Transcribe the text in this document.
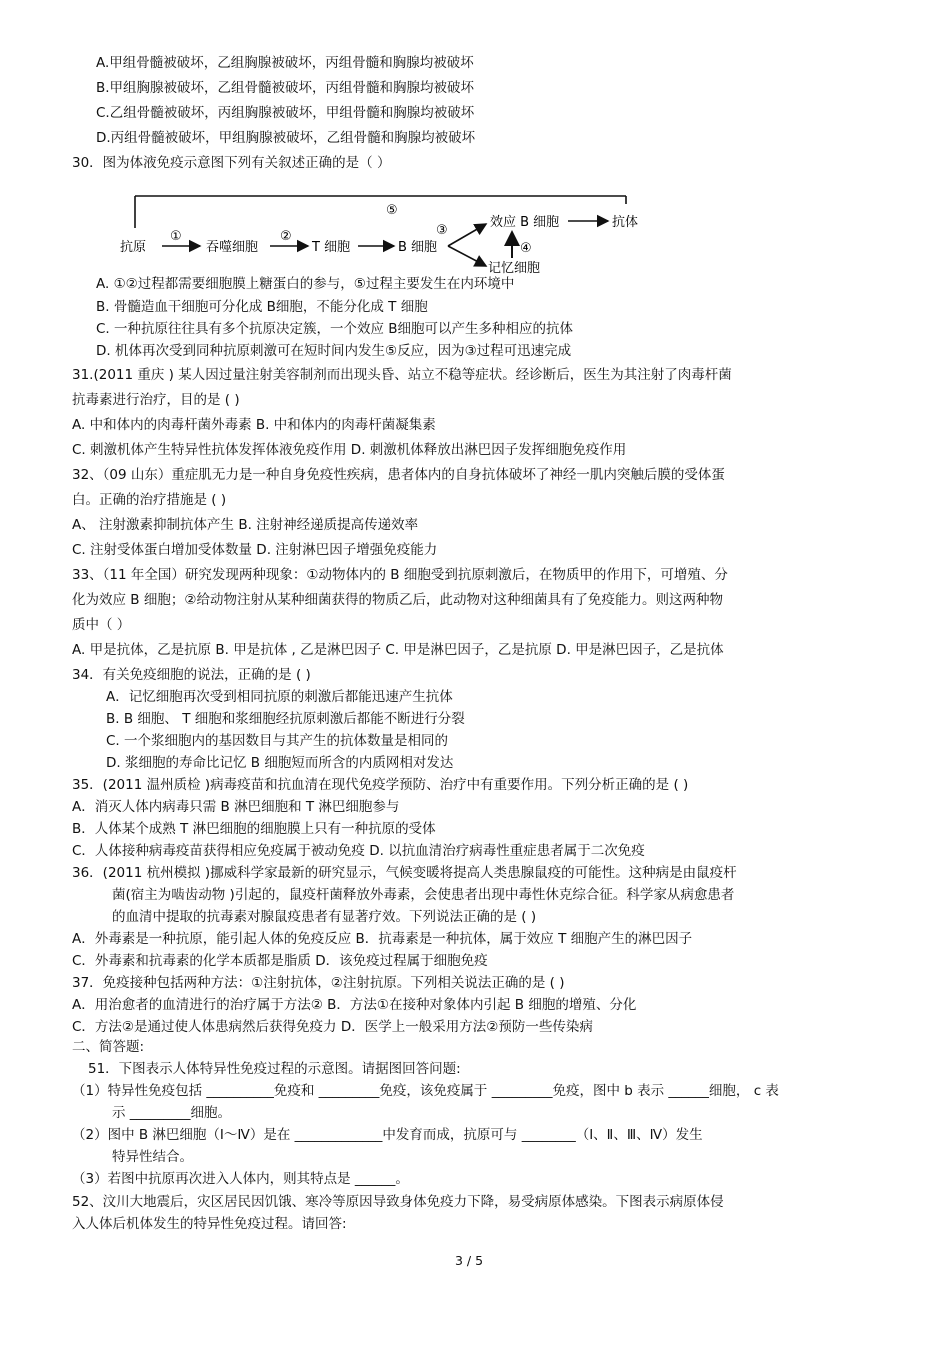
A.甲组骨髓被破坏，乙组胸腺被破坏，丙组骨髓和胸腺均被破坏
B.甲组胸腺被破坏，乙组骨髓被破坏，丙组骨髓和胸腺均被破坏
C.乙组骨髓被破坏，丙组胸腺被破坏，甲组骨髓和胸腺均被破坏
D.丙组骨髓被破坏，甲组胸腺被破坏，乙组骨髓和胸腺均被破坏
30．图为体液免疫示意图下列有关叙述正确的是（ ）
⑤
抗原
①
吞噬细胞
②
T 细胞	B 细胞
③
效应 B 细胞	抗体
④
记忆细胞
A. ①②过程都需要细胞膜上糖蛋白的参与，⑤过程主要发生在内环境中
B. 骨髓造血干细胞可分化成 B细胞，不能分化成 T 细胞
C. 一种抗原往往具有多个抗原决定簇，一个效应 B细胞可以产生多种相应的抗体
D. 机体再次受到同种抗原刺激可在短时间内发生⑤反应，因为③过程可迅速完成
31.(2011 重庆 ) 某人因过量注射美容制剂而出现头昏、站立不稳等症状。经诊断后，医生为其注射了肉毒杆菌
抗毒素进行治疗，目的是 ( )
A. 中和体内的肉毒杆菌外毒素 B. 中和体内的肉毒杆菌凝集素
C. 刺激机体产生特异性抗体发挥体液免疫作用 D. 刺激机体释放出淋巴因子发挥细胞免疫作用
32、（09 山东）重症肌无力是一种自身免疫性疾病，患者体内的自身抗体破坏了神经一肌内突触后膜的受体蛋
白。正确的治疗措施是 ( )
A、 注射激素抑制抗体产生 B. 注射神经递质提高传递效率
C. 注射受体蛋白增加受体数量 D. 注射淋巴因子增强免疫能力
33、（11 年全国）研究发现两种现象：①动物体内的 B 细胞受到抗原刺激后，在物质甲的作用下，可增殖、分
化为效应 B 细胞；②给动物注射从某种细菌获得的物质乙后，此动物对这种细菌具有了免疫能力。则这两种物
质中（ ）
A. 甲是抗体，乙是抗原 B. 甲是抗体 , 乙是淋巴因子 C. 甲是淋巴因子，乙是抗原 D. 甲是淋巴因子，乙是抗体
34．有关免疫细胞的说法，正确的是 ( )
A．记忆细胞再次受到相同抗原的刺激后都能迅速产生抗体
B. B 细胞、 T 细胞和浆细胞经抗原刺激后都能不断进行分裂
C. 一个浆细胞内的基因数目与其产生的抗体数量是相同的
D. 浆细胞的寿命比记忆 B 细胞短而所含的内质网相对发达
35．(2011 温州质检 )病毒疫苗和抗血清在现代免疫学预防、治疗中有重要作用。下列分析正确的是 ( )
A．消灭人体内病毒只需 B 淋巴细胞和 T 淋巴细胞参与
B．人体某个成熟 T 淋巴细胞的细胞膜上只有一种抗原的受体
C．人体接种病毒疫苗获得相应免疫属于被动免疫 D. 以抗血清治疗病毒性重症患者属于二次免疫
36．(2011 杭州模拟 )挪威科学家最新的研究显示，气候变暖将提高人类患腺鼠疫的可能性。这种病是由鼠疫杆
菌(宿主为啮齿动物 )引起的，鼠疫杆菌释放外毒素，会使患者出现中毒性休克综合征。科学家从病愈患者
的血清中提取的抗毒素对腺鼠疫患者有显著疗效。下列说法正确的是 ( )
A．外毒素是一种抗原，能引起人体的免疫反应 B．抗毒素是一种抗体，属于效应 T 细胞产生的淋巴因子
C．外毒素和抗毒素的化学本质都是脂质 D．该免疫过程属于细胞免疫
37．免疫接种包括两种方法：①注射抗体，②注射抗原。下列相关说法正确的是 ( )
A．用治愈者的血清进行的治疗属于方法② B．方法①在接种对象体内引起 B 细胞的增殖、分化
C．方法②是通过使人体患病然后获得免疫力 D．医学上一般采用方法②预防一些传染病
二、简答题:
51．下图表示人体特异性免疫过程的示意图。请据图回答问题:
（1）特异性免疫包括 __________免疫和 _________免疫，该免疫属于 _________免疫，图中 b 表示 ______细胞， c 表
示 _________细胞。
（2）图中 B 淋巴细胞（Ⅰ～Ⅳ）是在 _____________中发育而成，抗原可与 ________（Ⅰ、Ⅱ、Ⅲ、Ⅳ）发生
特异性结合。
（3）若图中抗原再次进入人体内，则其特点是 ______。
52、汶川大地震后，灾区居民因饥饿、寒冷等原因导致身体免疫力下降，易受病原体感染。下图表示病原体侵
入人体后机体发生的特异性免疫过程。请回答:
3 / 5
